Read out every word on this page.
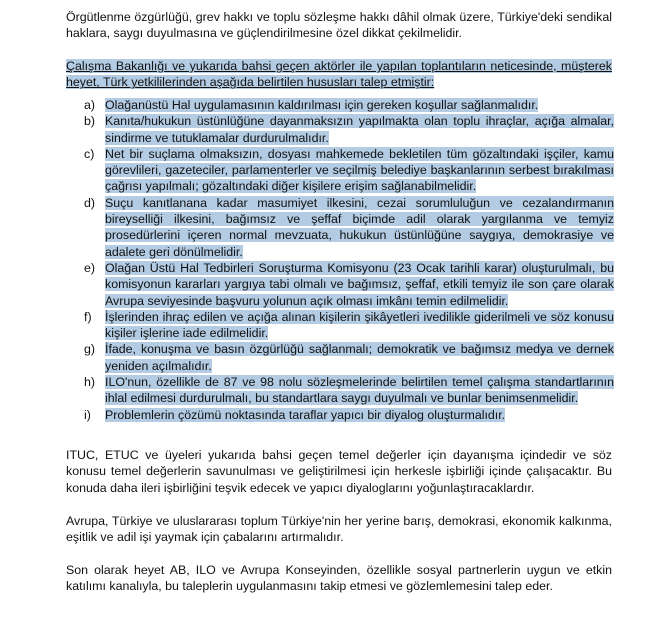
Örgütlenme özgürlüğü, grev hakkı ve toplu sözleşme hakkı dâhil olmak üzere, Türkiye'deki sendikal haklara, saygı duyulmasına ve güçlendirilmesine özel dikkat çekilmelidir.

Çalışma Bakanlığı ve yukarıda bahsi geçen aktörler ile yapılan toplantıların neticesinde, müşterek heyet, Türk yetkililerinden aşağıda belirtilen hususları talep etmiştir:

a) Olağanüstü Hal uygulamasının kaldırılması için gereken koşullar sağlanmalıdır.
b) Kanıta/hukukun üstünlüğüne dayanmaksızın yapılmakta olan toplu ihraçlar, açığa almalar, sindirme ve tutuklamalar durdurulmalıdır.
c) Net bir suçlama olmaksızın, dosyası mahkemede bekletilen tüm gözaltındaki işçiler, kamu görevlileri, gazeteciler, parlamenterler ve seçilmiş belediye başkanlarının serbest bırakılması çağrısı yapılmalı; gözaltındaki diğer kişilere erişim sağlanabilmelidir.
d) Suçu kanıtlanana kadar masumiyet ilkesini, cezai sorumluluğun ve cezalandırmanın bireyselliği ilkesini, bağımsız ve şeffaf biçimde adil olarak yargılanma ve temyiz prosedürlerini içeren normal mevzuata, hukukun üstünlüğüne saygıya, demokrasiye ve adalete geri dönülmelidir.
e) Olağan Üstü Hal Tedbirleri Soruşturma Komisyonu (23 Ocak tarihli karar) oluşturulmalı, bu komisyonun kararları yargıya tabi olmalı ve bağımsız, şeffaf, etkili temyiz ile son çare olarak Avrupa seviyesinde başvuru yolunun açık olması imkânı temin edilmelidir.
f) İşlerinden ihraç edilen ve açığa alınan kişilerin şikâyetleri ivedilikle giderilmeli ve söz konusu kişiler işlerine iade edilmelidir.
g) İfade, konuşma ve basın özgürlüğü sağlanmalı; demokratik ve bağımsız medya ve dernek yeniden açılmalıdır.
h) ILO'nun, özellikle de 87 ve 98 nolu sözleşmelerinde belirtilen temel çalışma standartlarının ihlal edilmesi durdurulmalı, bu standartlara saygı duyulmalı ve bunlar benimsenmelidir.
i) Problemlerin çözümü noktasında taraflar yapıcı bir diyalog oluşturmalıdır.

ITUC, ETUC ve üyeleri yukarıda bahsi geçen temel değerler için dayanışma içindedir ve söz konusu temel değerlerin savunulması ve geliştirilmesi için herkesle işbirliği içinde çalışacaktır. Bu konuda daha ileri işbirliğini teşvik edecek ve yapıcı diyaloglarını yoğunlaştıracaklardır.

Avrupa, Türkiye ve uluslararası toplum Türkiye'nin her yerine barış, demokrasi, ekonomik kalkınma, eşitlik ve adil işi yaymak için çabalarını artırmalıdır.

Son olarak heyet AB, ILO ve Avrupa Konseyinden, özellikle sosyal partnerlerin uygun ve etkin katılımı kanalıyla, bu taleplerin uygulanmasını takip etmesi ve gözlemlemesini talep eder.
